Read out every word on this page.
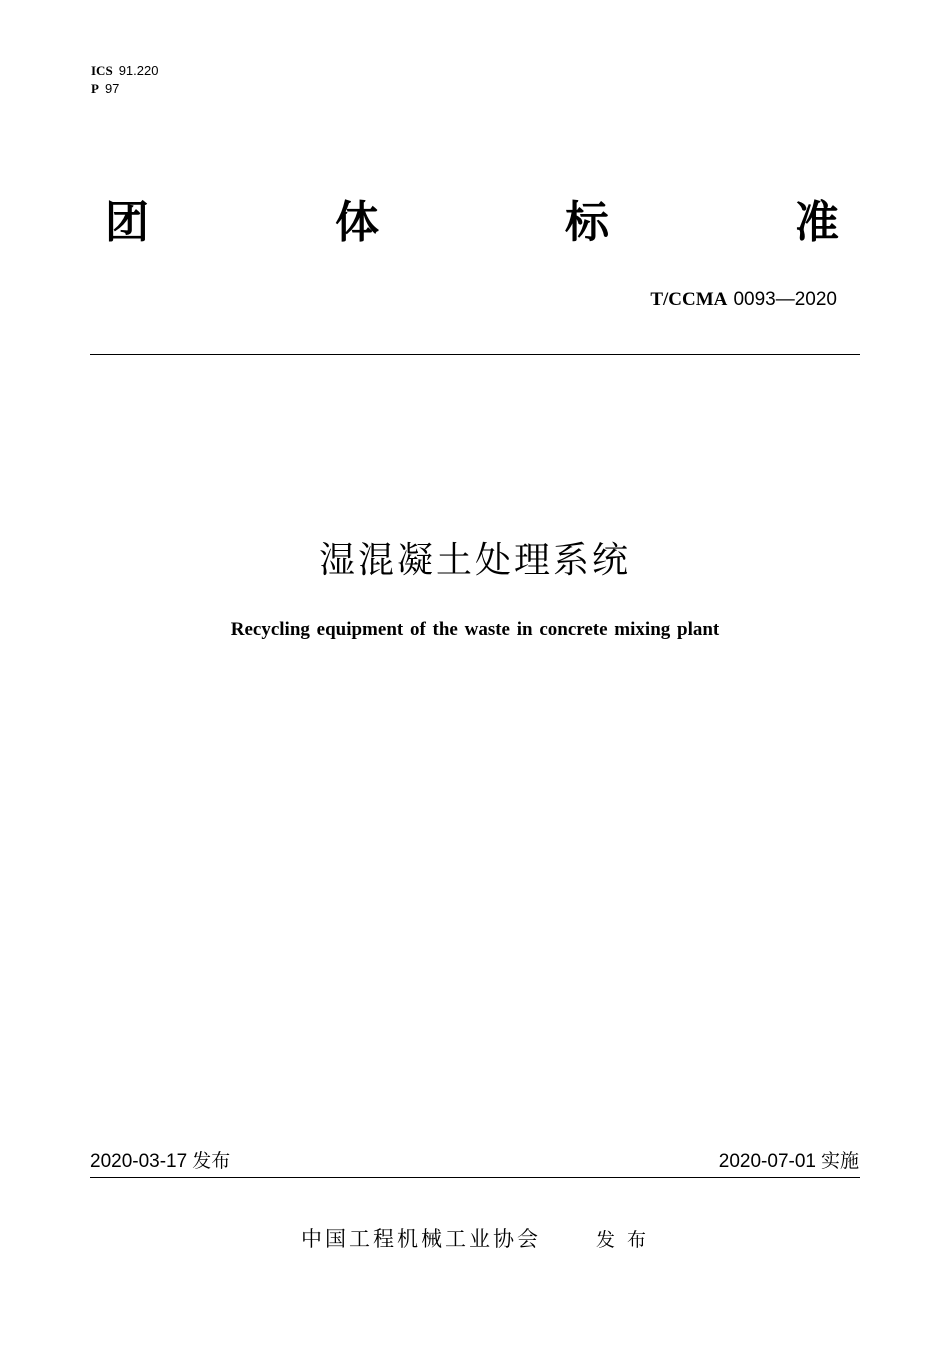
ICS 91.220
P 97
团	体	标	准
T/CCMA 0093—2020
湿混凝土处理系统
Recycling equipment of the waste in concrete mixing plant
2020-03-17 发布	2020-07-01 实施
中国工程机械工业协会	发布
